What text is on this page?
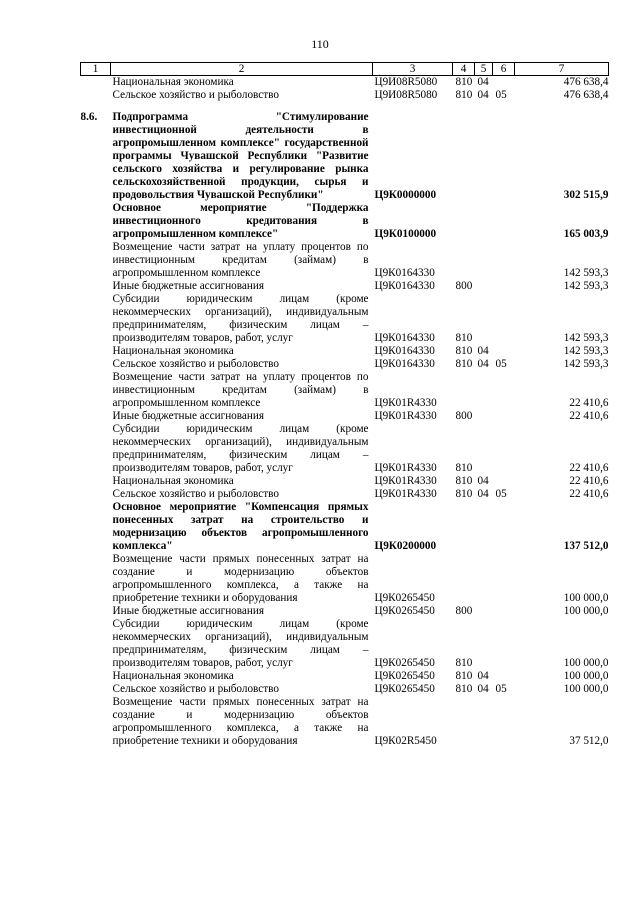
110
1	2	3	4	5	6	7
	Национальная экономика	Ц9И08R5080	810	04		476 638,4
	Сельское хозяйство и рыболовство	Ц9И08R5080	810	04	05	476 638,4

8.6.	Подпрограмма "Стимулирование инвестиционной деятельности в агропромышленном комплексе" государственной программы Чувашской Республики "Развитие сельского хозяйства и регулирование рынка сельскохозяйственной продукции, сырья и продовольствия Чувашской Республики"	Ц9К0000000				302 515,9
	Основное мероприятие "Поддержка инвестиционного кредитования в агропромышленном комплексе"	Ц9К0100000				165 003,9
	Возмещение части затрат на уплату процентов по инвестиционным кредитам (займам) в агропромышленном комплексе	Ц9К0164330				142 593,3
	Иные бюджетные ассигнования	Ц9К0164330	800			142 593,3
	Субсидии юридическим лицам (кроме некоммерческих организаций), индивидуальным предпринимателям, физическим лицам – производителям товаров, работ, услуг	Ц9К0164330	810			142 593,3
	Национальная экономика	Ц9К0164330	810	04		142 593,3
	Сельское хозяйство и рыболовство	Ц9К0164330	810	04	05	142 593,3
	Возмещение части затрат на уплату процентов по инвестиционным кредитам (займам) в агропромышленном комплексе	Ц9К01R4330				22 410,6
	Иные бюджетные ассигнования	Ц9К01R4330	800			22 410,6
	Субсидии юридическим лицам (кроме некоммерческих организаций), индивидуальным предпринимателям, физическим лицам – производителям товаров, работ, услуг	Ц9К01R4330	810			22 410,6
	Национальная экономика	Ц9К01R4330	810	04		22 410,6
	Сельское хозяйство и рыболовство	Ц9К01R4330	810	04	05	22 410,6
	Основное мероприятие "Компенсация прямых понесенных затрат на строительство и модернизацию объектов агропромышленного комплекса"	Ц9К0200000				137 512,0
	Возмещение части прямых понесенных затрат на создание и модернизацию объектов агропромышленного комплекса, а также на приобретение техники и оборудования	Ц9К0265450				100 000,0
	Иные бюджетные ассигнования	Ц9К0265450	800			100 000,0
	Субсидии юридическим лицам (кроме некоммерческих организаций), индивидуальным предпринимателям, физическим лицам – производителям товаров, работ, услуг	Ц9К0265450	810			100 000,0
	Национальная экономика	Ц9К0265450	810	04		100 000,0
	Сельское хозяйство и рыболовство	Ц9К0265450	810	04	05	100 000,0
	Возмещение части прямых понесенных затрат на создание и модернизацию объектов агропромышленного комплекса, а также на приобретение техники и оборудования	Ц9К02R5450				37 512,0
